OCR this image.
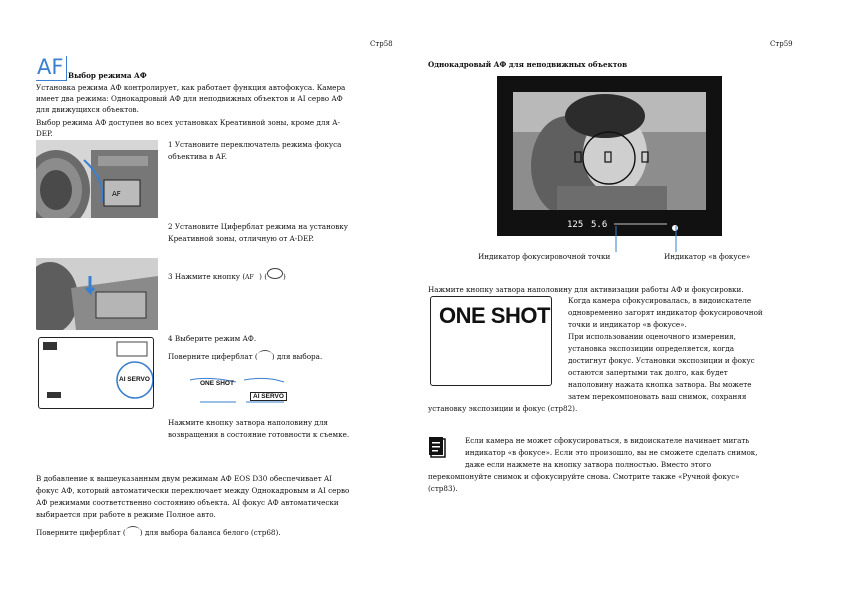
Стр58
AF Выбор режима АФ
Установка режима АФ контролирует, как работает функция автофокуса. Камера
имеет два режима: Однокадровый АФ для неподвижных объектов и AI серво АФ
для движущихся объектов.
Выбор режима АФ доступен во всех установках Креативной зоны, кроме для A-
DEP.
AF
1 Установите переключатель режима фокуса
объектива в AF.
2 Установите Циферблат режима на установку
Креативной зоны, отличную от A-DEP.
3 Нажмите кнопку (AF ) ( )
AI SERVO
4 Выберите режим АФ.
Поверните циферблат ( ) для выбора.
ONE SHOT
AI SERVO
Нажмите кнопку затвора наполовину для
возвращения в состояние готовности к съемке.
В добавление к вышеуказанным двум режимам АФ EOS D30 обеспечивает AI
фокус АФ, который автоматически переключает между Однокадровым и AI серво
АФ режимами соответственно состоянию объекта. AI фокус АФ автоматически
выбирается при работе в режиме Полное авто.
Поверните циферблат ( ) для выбора баланса белого (стр68).
Стр59
Однокадровый АФ для неподвижных объектов
125 5.6
Индикатор фокусировочной точки	Индикатор «в фокусе»
Нажмите кнопку затвора наполовину для активизации работы АФ и фокусировки.
ONE SHOT
Когда камера сфокусировалась, в видоискателе
одновременно загорят индикатор фокусировочной
точки и индикатор «в фокусе».
При использовании оценочного измерения,
установка экспозиции определяется, когда
достигнут фокус. Установки экспозиции и фокус
остаются запертыми так долго, как будет
наполовину нажата кнопка затвора. Вы можете
затем перекомпоновать ваш снимок, сохраняя
установку экспозиции и фокус (стр82).
Если камера не может сфокусироваться, в видоискателе начинает мигать
индикатор «в фокусе». Если это произошло, вы не сможете сделать снимок,
даже если нажмете на кнопку затвора полностью. Вместо этого
перекомпонуйте снимок и сфокусируйте снова. Смотрите также «Ручной фокус»
(стр83).
